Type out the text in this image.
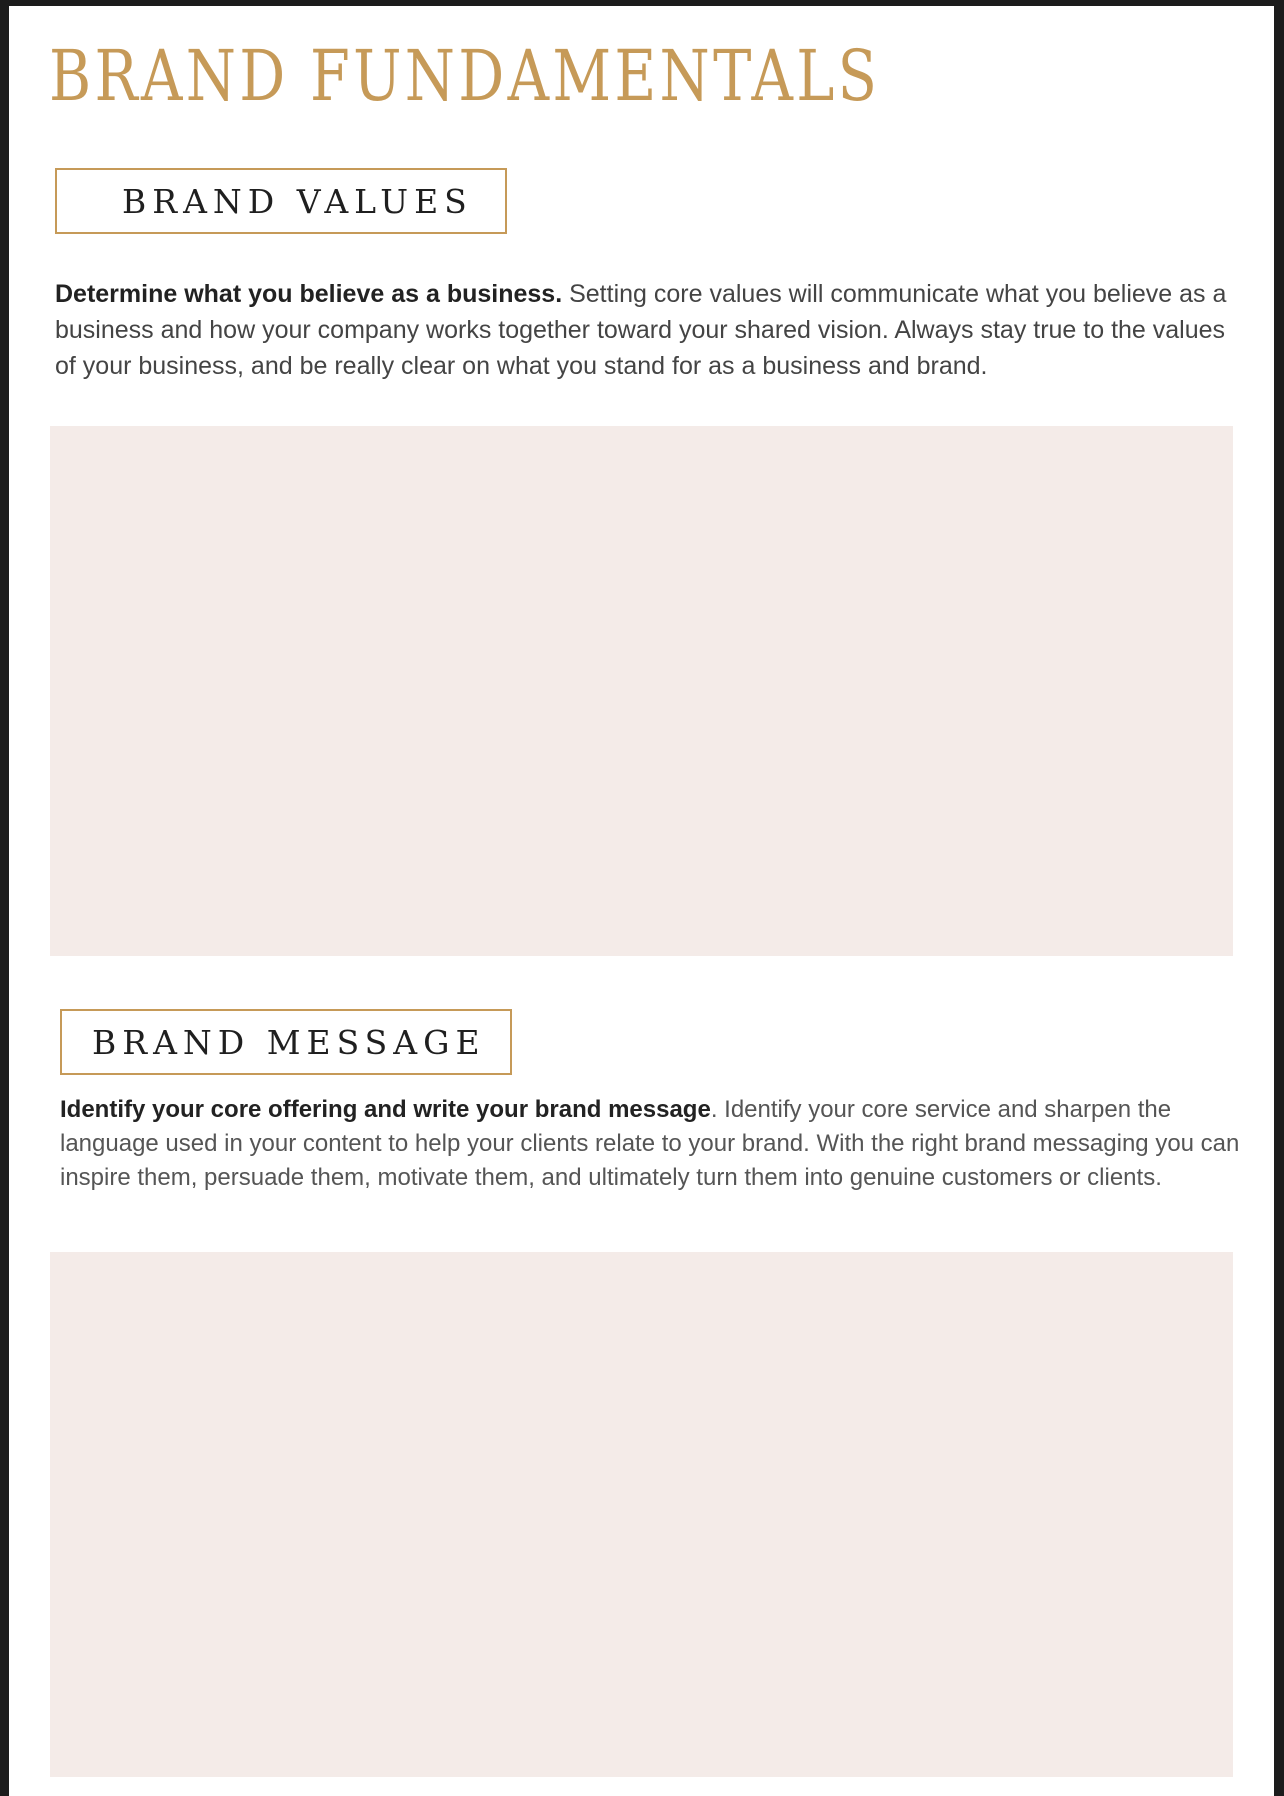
BRAND FUNDAMENTALS
BRAND VALUES

Determine what you believe as a business. Setting core values will communicate what you believe as a business and how your company works together toward your shared vision. Always stay true to the values of your business, and be really clear on what you stand for as a business and brand.

BRAND MESSAGE

Identify your core offering and write your brand message. Identify your core service and sharpen the language used in your content to help your clients relate to your brand. With the right brand messaging you can inspire them, persuade them, motivate them, and ultimately turn them into genuine customers or clients.
